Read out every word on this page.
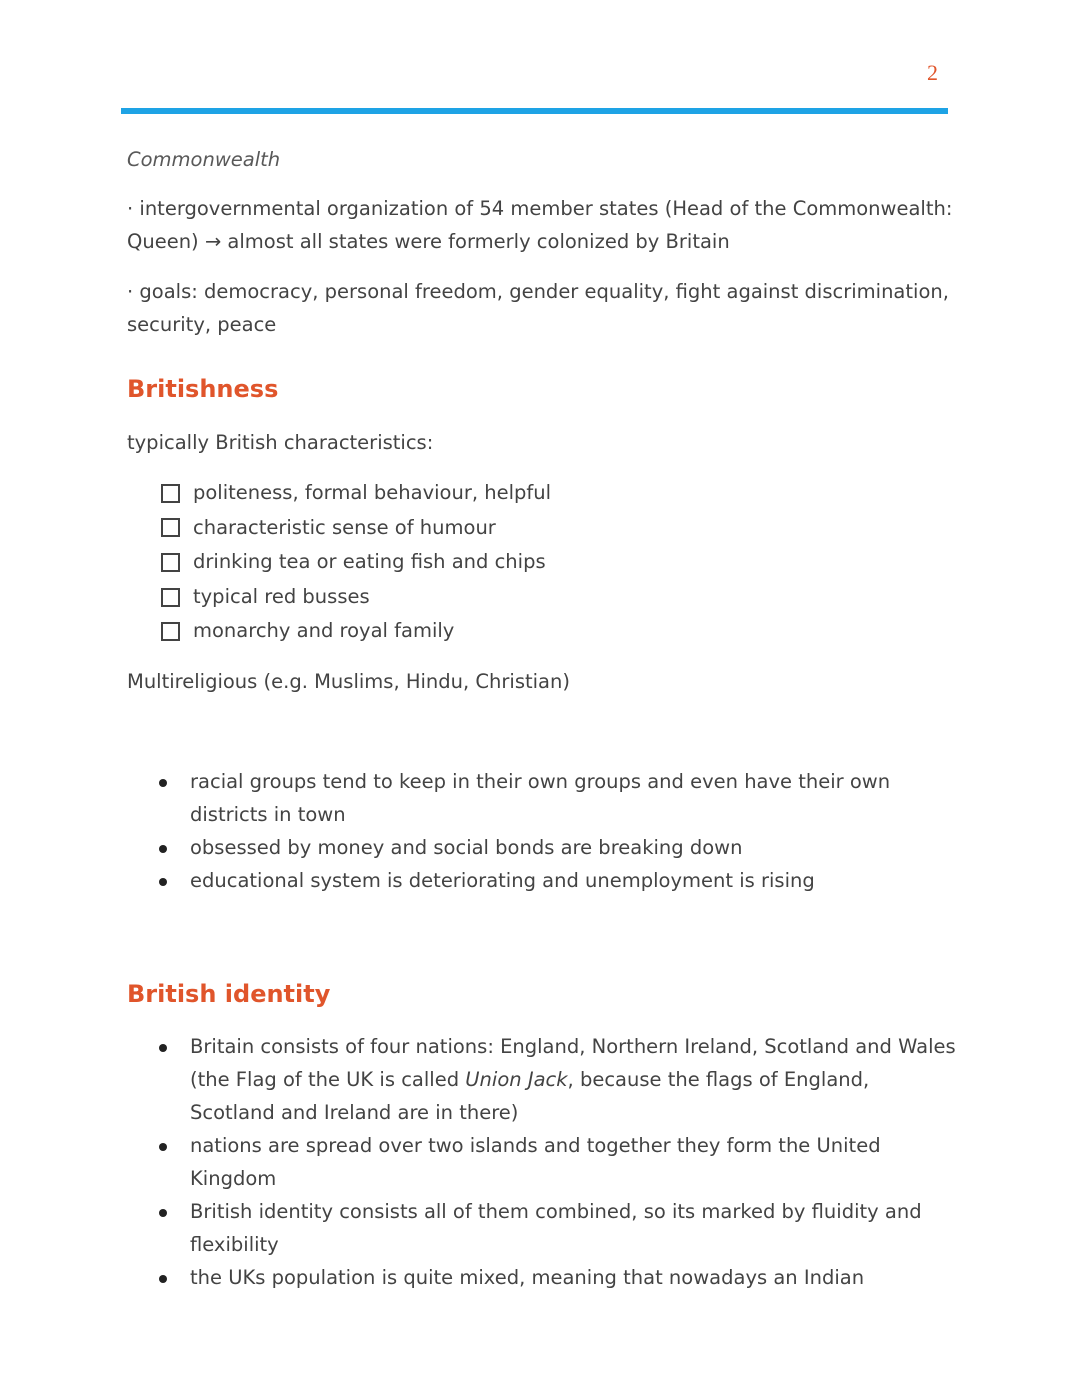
2

Commonwealth

· intergovernmental organization of 54 member states (Head of the Commonwealth: Queen) → almost all states were formerly colonized by Britain

· goals: democracy, personal freedom, gender equality, fight against discrimination, security, peace

Britishness

typically British characteristics:

politeness, formal behaviour, helpful
characteristic sense of humour
drinking tea or eating fish and chips
typical red busses
monarchy and royal family

Multireligious (e.g. Muslims, Hindu, Christian)

racial groups tend to keep in their own groups and even have their own districts in town
obsessed by money and social bonds are breaking down
educational system is deteriorating and unemployment is rising
British identity
Britain consists of four nations: England, Northern Ireland, Scotland and Wales (the Flag of the UK is called Union Jack, because the flags of England, Scotland and Ireland are in there)
nations are spread over two islands and together they form the United Kingdom
British identity consists all of them combined, so its marked by fluidity and flexibility
the UKs population is quite mixed, meaning that nowadays an Indian
